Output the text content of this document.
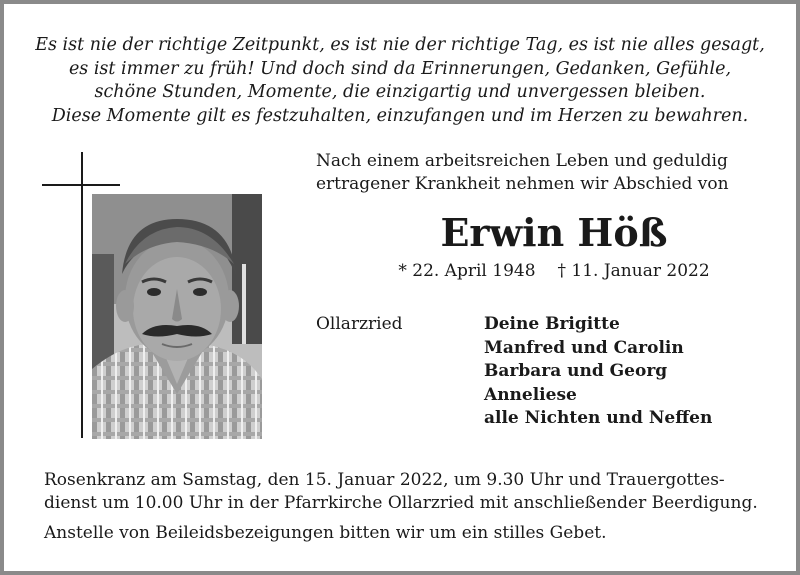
Es ist nie der richtige Zeitpunkt, es ist nie der richtige Tag, es ist nie alles gesagt,
es ist immer zu früh! Und doch sind da Erinnerungen, Gedanken, Gefühle,
schöne Stunden, Momente, die einzigartig und unvergessen bleiben.
Diese Momente gilt es festzuhalten, einzufangen und im Herzen zu bewahren.
Nach einem arbeitsreichen Leben und geduldig
ertragener Krankheit nehmen wir Abschied von
Erwin Höß
* 22. April 1948 † 11. Januar 2022
Ollarzried	Deine Brigitte
Manfred und Carolin
Barbara und Georg
Anneliese
alle Nichten und Neffen
Rosenkranz am Samstag, den 15. Januar 2022, um 9.30 Uhr und Trauergottes-
dienst um 10.00 Uhr in der Pfarrkirche Ollarzried mit anschließender Beerdigung.
Anstelle von Beileidsbezeigungen bitten wir um ein stilles Gebet.
